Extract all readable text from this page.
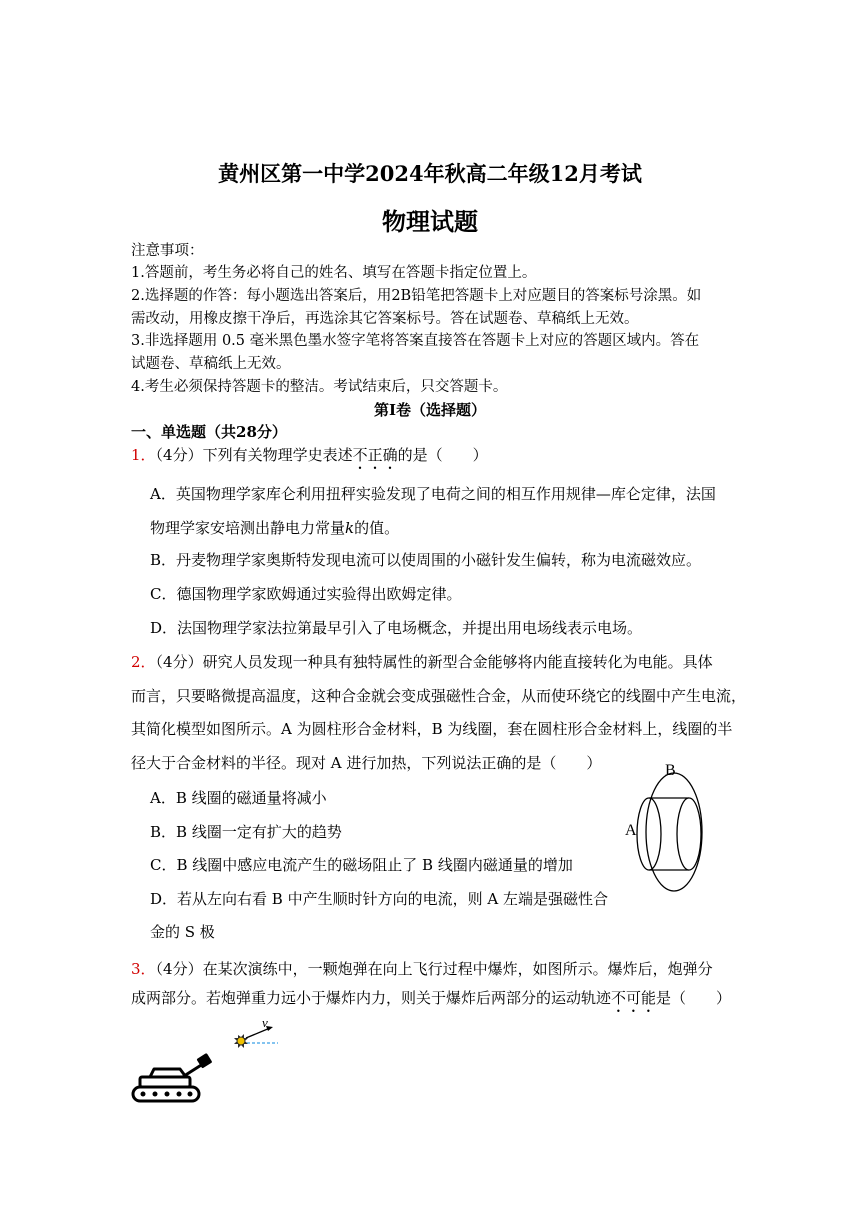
黄州区第一中学2024年秋高二年级12月考试
物理试题
注意事项：
1.答题前，考生务必将自己的姓名、填写在答题卡指定位置上。
2.选择题的作答：每小题选出答案后，用2B铅笔把答题卡上对应题目的答案标号涂黑。如
需改动，用橡皮擦干净后，再选涂其它答案标号。答在试题卷、草稿纸上无效。
3.非选择题用 0.5 毫米黑色墨水签字笔将答案直接答在答题卡上对应的答题区域内。答在
试题卷、草稿纸上无效。
4.考生必须保持答题卡的整洁。考试结束后，只交答题卡。
第Ⅰ卷（选择题）
一、单选题（共28分）
1．（4分）下列有关物理学史表述不正确的是（　　）
A．英国物理学家库仑利用扭秤实验发现了电荷之间的相互作用规律—库仑定律，法国
物理学家安培测出静电力常量k的值。
B．丹麦物理学家奥斯特发现电流可以使周围的小磁针发生偏转，称为电流磁效应。
C．德国物理学家欧姆通过实验得出欧姆定律。
D．法国物理学家法拉第最早引入了电场概念，并提出用电场线表示电场。
2．（4分）研究人员发现一种具有独特属性的新型合金能够将内能直接转化为电能。具体
而言，只要略微提高温度，这种合金就会变成强磁性合金，从而使环绕它的线圈中产生电流，
其简化模型如图所示。A 为圆柱形合金材料，B 为线圈，套在圆柱形合金材料上，线圈的半
径大于合金材料的半径。现对 A 进行加热，下列说法正确的是（　　）
A．B 线圈的磁通量将减小
B．B 线圈一定有扩大的趋势
C．B 线圈中感应电流产生的磁场阻止了 B 线圈内磁通量的增加
D．若从左向右看 B 中产生顺时针方向的电流，则 A 左端是强磁性合
金的 S 极
B
A
3．（4分）在某次演练中，一颗炮弹在向上飞行过程中爆炸，如图所示。爆炸后，炮弹分
成两部分。若炮弹重力远小于爆炸内力，则关于爆炸后两部分的运动轨迹不可能是（　　）
v
